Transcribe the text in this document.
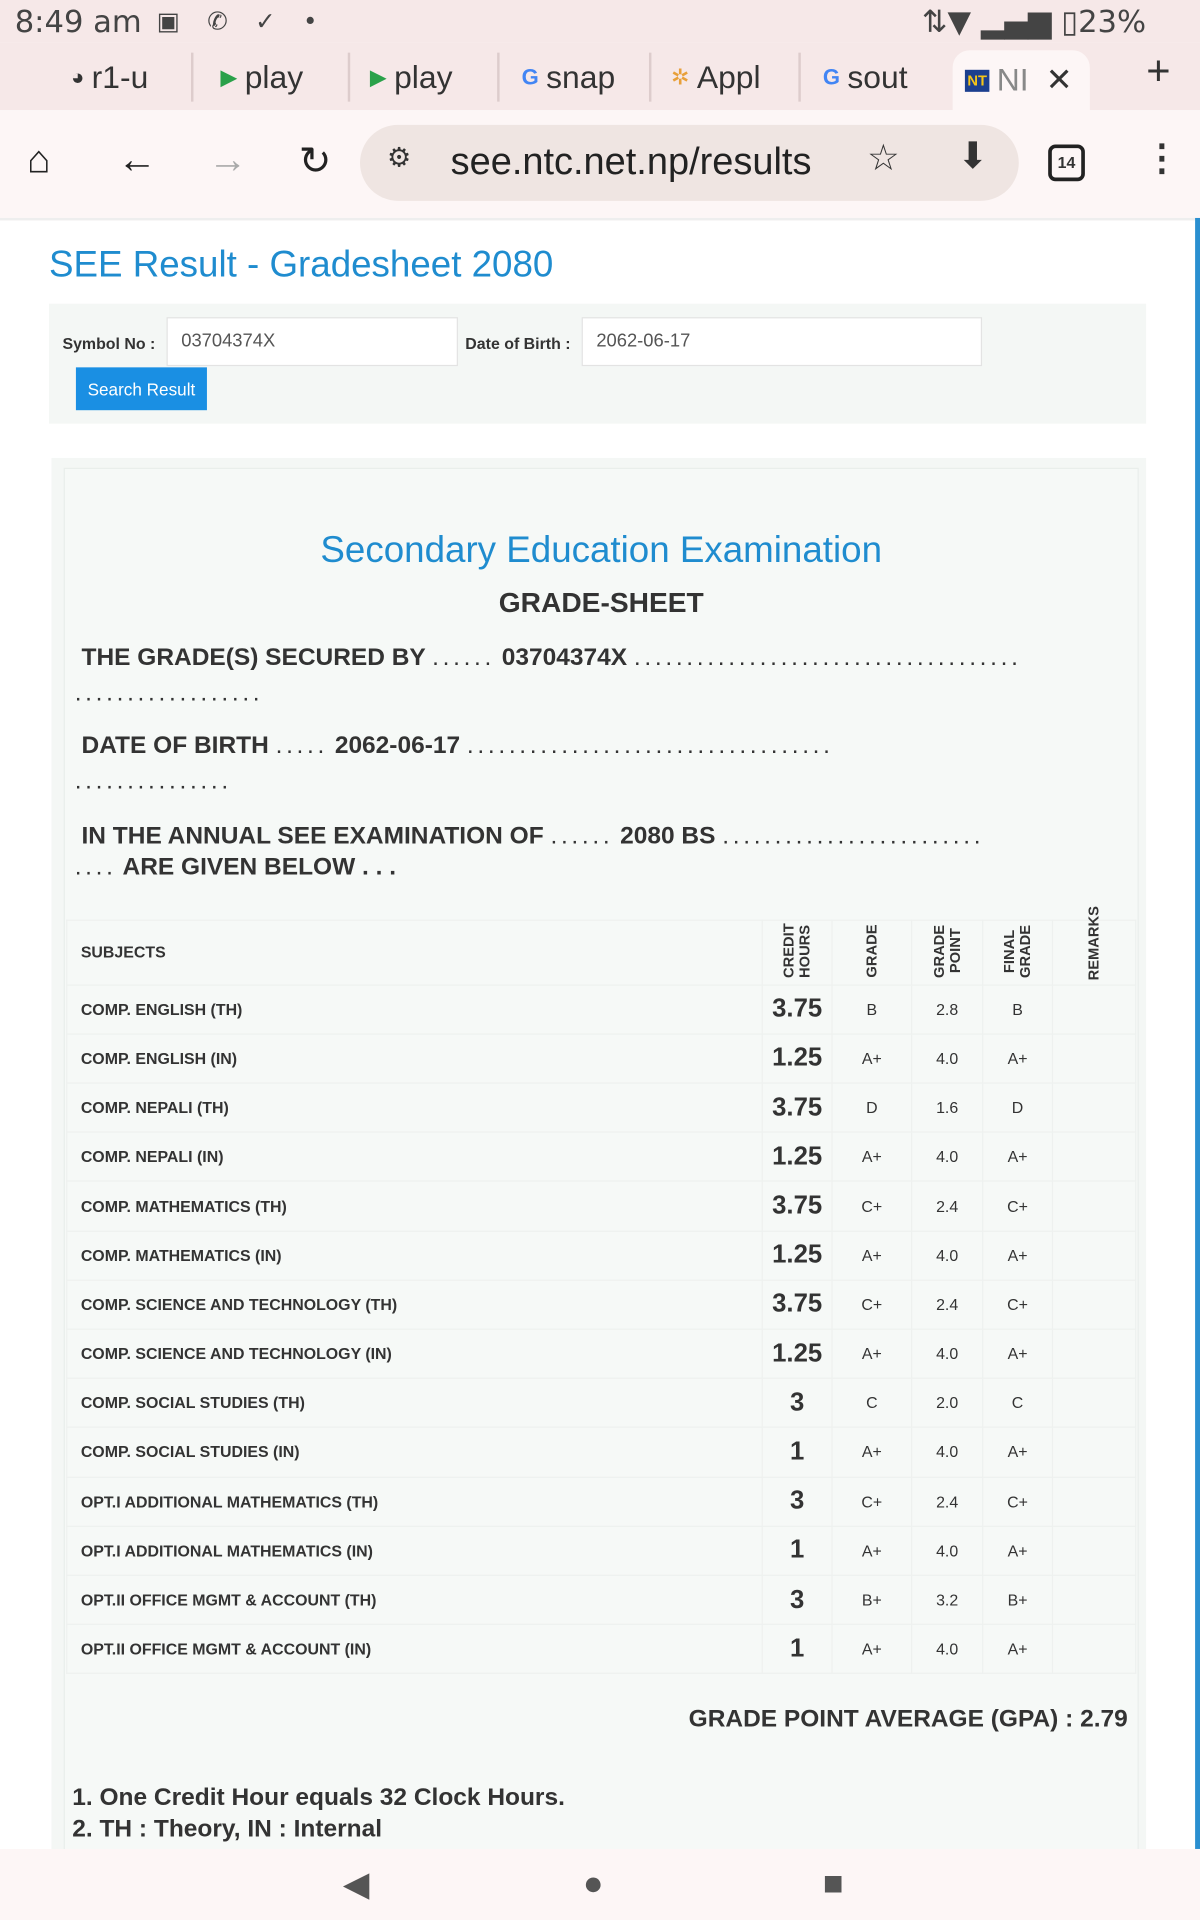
8:49 am ▣ ✆ ✓ •	⇅▼ ▂▄▆ ▯23%
◕ r1-u	▶ play	▶ play	G snap	✲ Appl	G sout	NT NI ✕ +
⌂ ← → ↻	⚙ see.ntc.net.np/results	☆ ⬇	14	⋮
SEE Result - Gradesheet 2080
Symbol No :	03704374X	Date of Birth :	2062-06-17
Search Result
Secondary Education Examination
GRADE-SHEET
THE GRADE(S) SECURED BY ...... 03704374X .....................................
..................
DATE OF BIRTH ..... 2062-06-17 ...................................
...............
IN THE ANNUAL SEE EXAMINATION OF ...... 2080 BS .........................
.... ARE GIVEN BELOW . . .
SUBJECTS	CREDIT HOURS	GRADE	GRADE POINT	FINAL GRADE	REMARKS
COMP. ENGLISH (TH)	3.75	B	2.8	B	
COMP. ENGLISH (IN)	1.25	A+	4.0	A+	
COMP. NEPALI (TH)	3.75	D	1.6	D	
COMP. NEPALI (IN)	1.25	A+	4.0	A+	
COMP. MATHEMATICS (TH)	3.75	C+	2.4	C+	
COMP. MATHEMATICS (IN)	1.25	A+	4.0	A+	
COMP. SCIENCE AND TECHNOLOGY (TH)	3.75	C+	2.4	C+	
COMP. SCIENCE AND TECHNOLOGY (IN)	1.25	A+	4.0	A+	
COMP. SOCIAL STUDIES (TH)	3	C	2.0	C	
COMP. SOCIAL STUDIES (IN)	1	A+	4.0	A+	
OPT.I ADDITIONAL MATHEMATICS (TH)	3	C+	2.4	C+	
OPT.I ADDITIONAL MATHEMATICS (IN)	1	A+	4.0	A+	
OPT.II OFFICE MGMT & ACCOUNT (TH)	3	B+	3.2	B+	
OPT.II OFFICE MGMT & ACCOUNT (IN)	1	A+	4.0	A+	
GRADE POINT AVERAGE (GPA) : 2.79
1. One Credit Hour equals 32 Clock Hours.
2. TH : Theory, IN : Internal
◀	●	■
